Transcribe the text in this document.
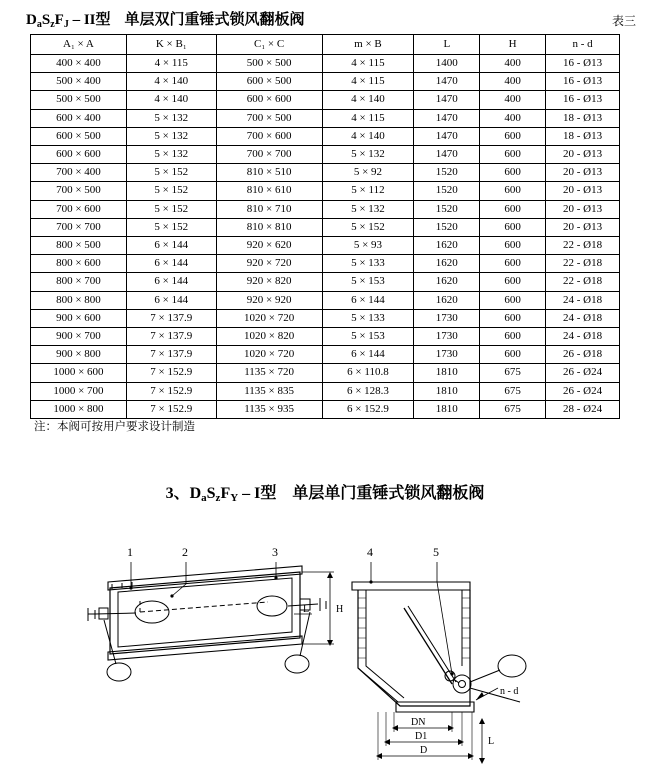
$D_aS_zF_J$ – II型 单层双门重锤式锁风翻板阀	表三
A₁ × A	K × B₁	C₁ × C	m × B	L	H	n - d
400 × 400	4 × 115	500 × 500	4 × 115	1400	400	16 - Ø13
500 × 400	4 × 140	600 × 500	4 × 115	1470	400	16 - Ø13
500 × 500	4 × 140	600 × 600	4 × 140	1470	400	16 - Ø13
600 × 400	5 × 132	700 × 500	4 × 115	1470	400	18 - Ø13
600 × 500	5 × 132	700 × 600	4 × 140	1470	600	18 - Ø13
600 × 600	5 × 132	700 × 700	5 × 132	1470	600	20 - Ø13
700 × 400	5 × 152	810 × 510	5 × 92	1520	600	20 - Ø13
700 × 500	5 × 152	810 × 610	5 × 112	1520	600	20 - Ø13
700 × 600	5 × 152	810 × 710	5 × 132	1520	600	20 - Ø13
700 × 700	5 × 152	810 × 810	5 × 152	1520	600	20 - Ø13
800 × 500	6 × 144	920 × 620	5 × 93	1620	600	22 - Ø18
800 × 600	6 × 144	920 × 720	5 × 133	1620	600	22 - Ø18
800 × 700	6 × 144	920 × 820	5 × 153	1620	600	22 - Ø18
800 × 800	6 × 144	920 × 920	6 × 144	1620	600	24 - Ø18
900 × 600	7 × 137.9	1020 × 720	5 × 133	1730	600	24 - Ø18
900 × 700	7 × 137.9	1020 × 820	5 × 153	1730	600	24 - Ø18
900 × 800	7 × 137.9	1020 × 720	6 × 144	1730	600	26 - Ø18
1000 × 600	7 × 152.9	1135 × 720	6 × 110.8	1810	675	26 - Ø24
1000 × 700	7 × 152.9	1135 × 835	6 × 128.3	1810	675	26 - Ø24
1000 × 800	7 × 152.9	1135 × 935	6 × 152.9	1810	675	28 - Ø24
注：本阀可按用户要求设计制造
3、$D_aS_zF_Y$ – I型 单层单门重锤式锁风翻板阀
1	2	3	4	5
H
L
n - d
DN
D1
D
L
